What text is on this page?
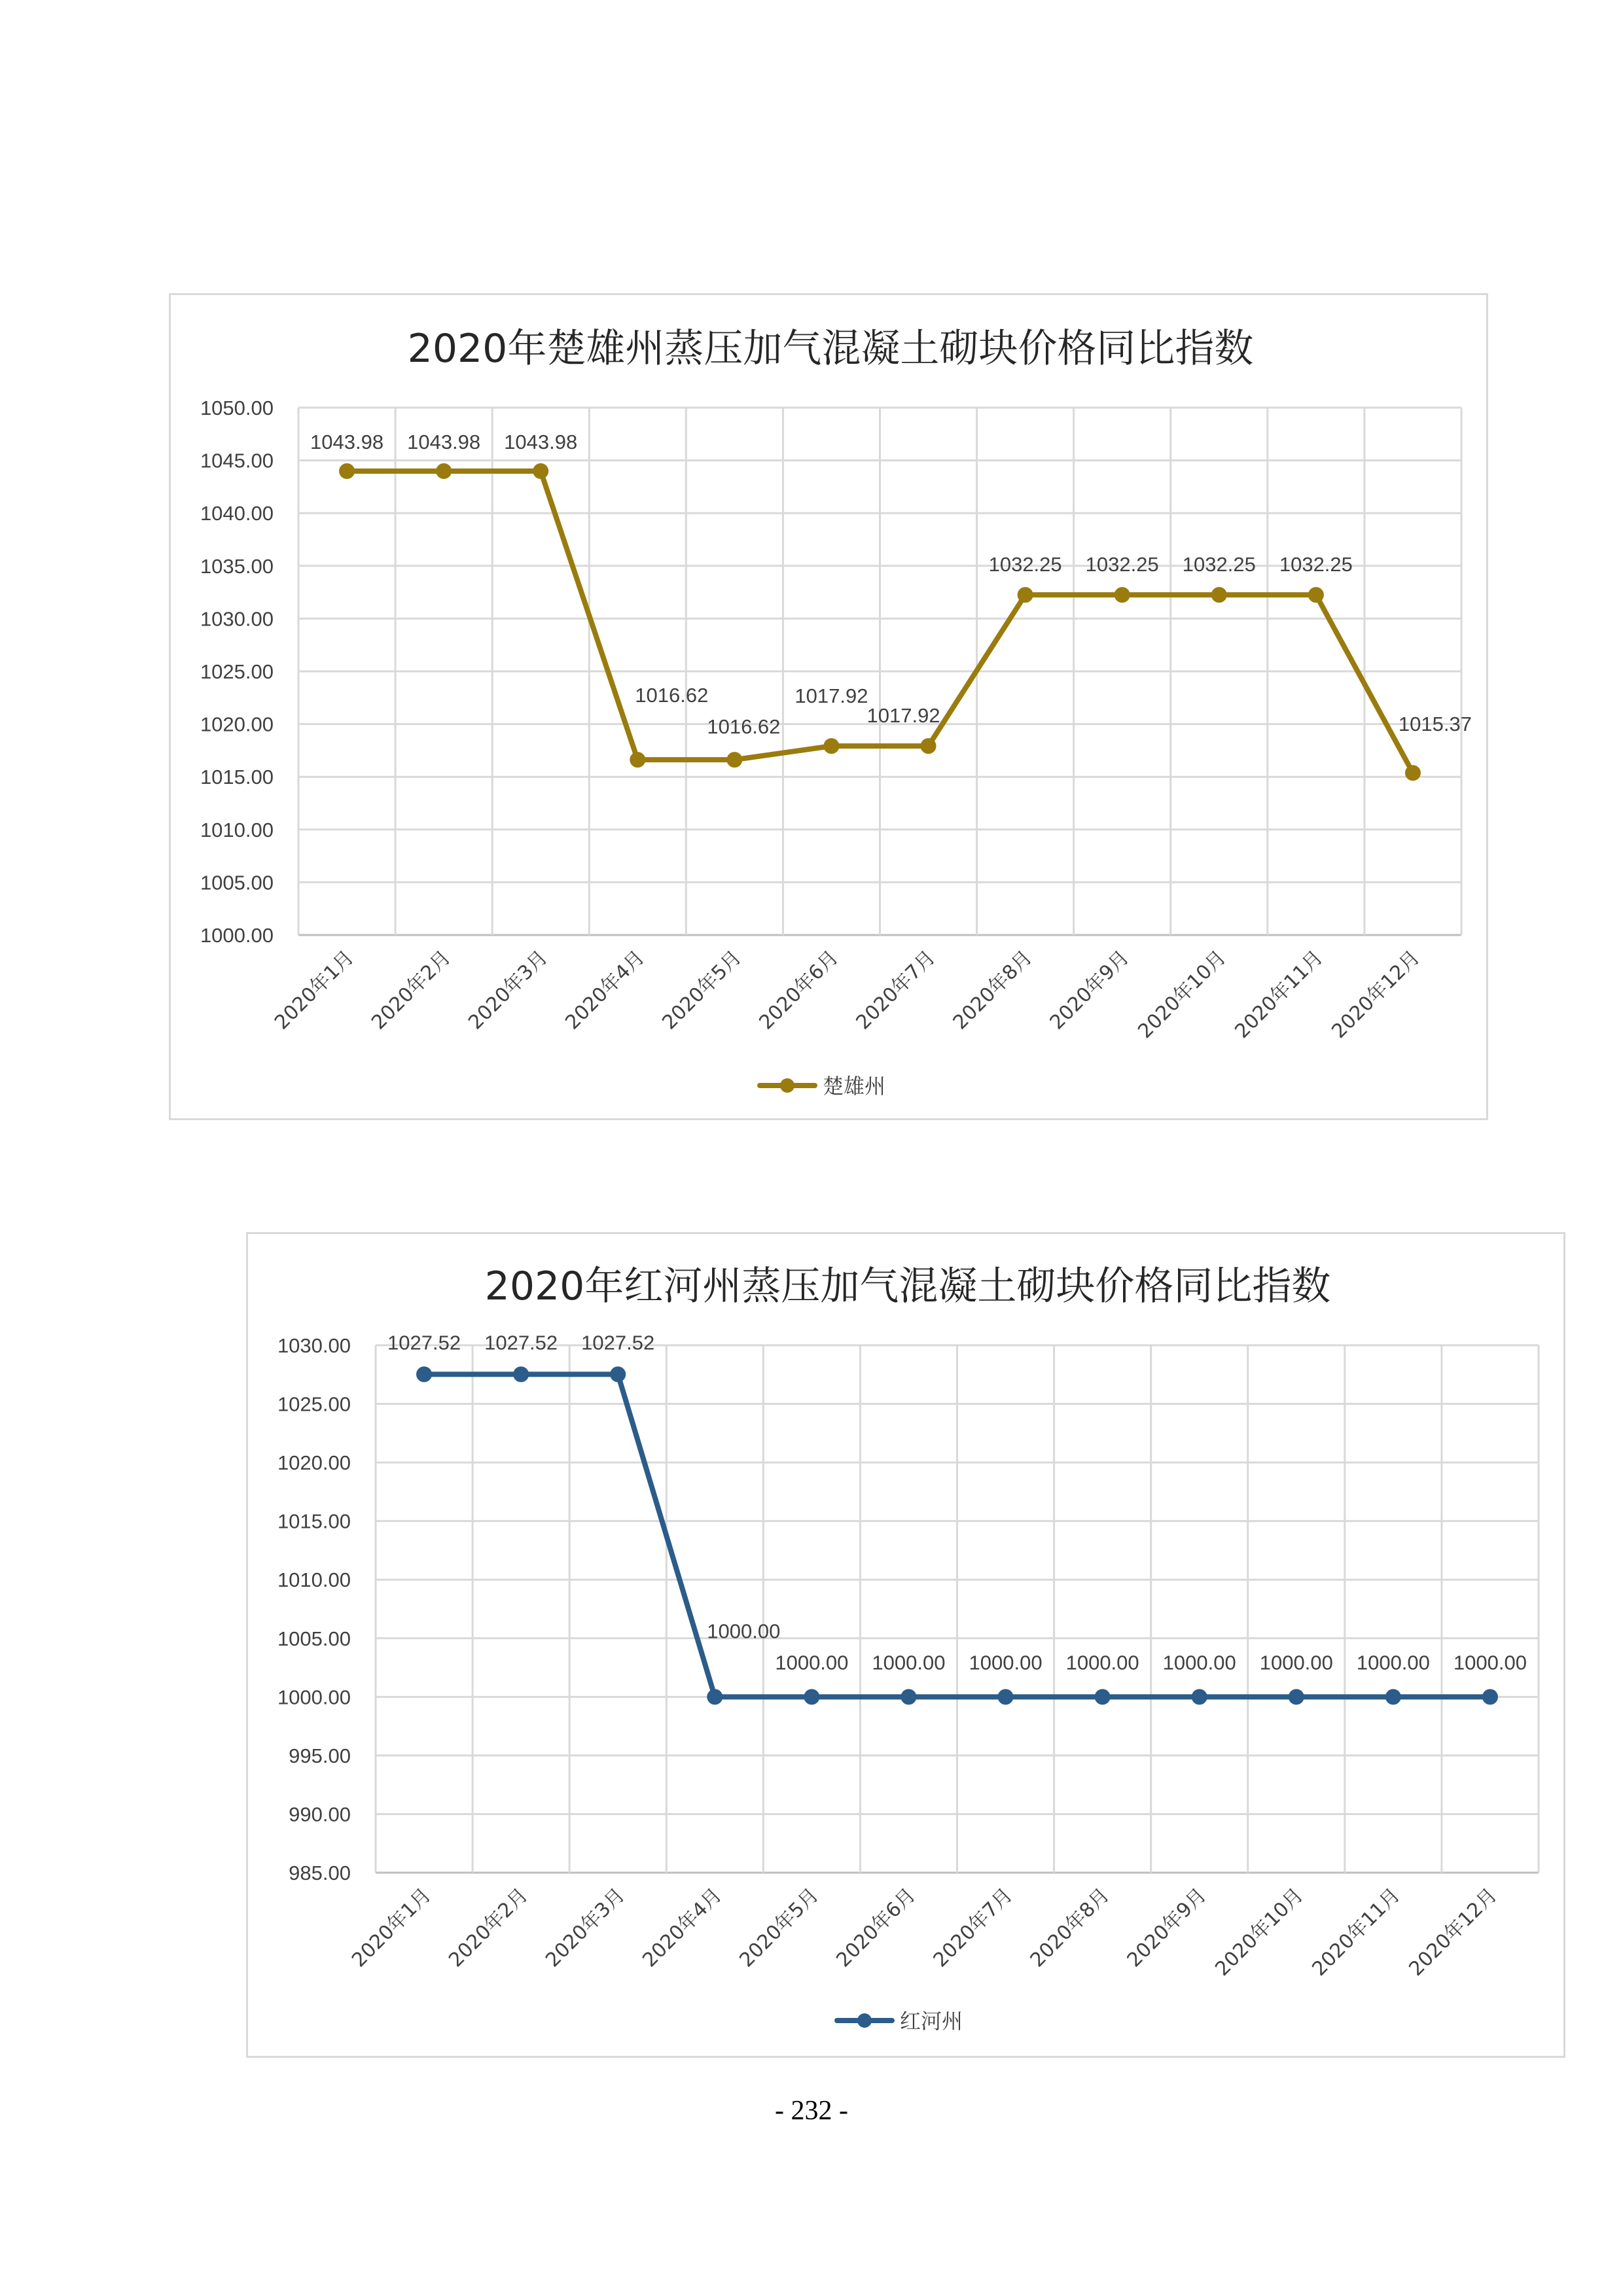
2020年楚雄州蒸压加气混凝土砌块价格同比指数
1000.00
1005.00
1010.00
1015.00
1020.00
1025.00
1030.00
1035.00
1040.00
1045.00
1050.00
2020年1月 2020年2月 2020年3月 2020年4月 2020年5月 2020年6月 2020年7月 2020年8月 2020年9月 2020年10月 2020年11月 2020年12月
1043.98 1043.98 1043.98
1016.62
1016.62
1017.92
1017.92
1032.25 1032.25 1032.25 1032.25
1015.37
楚雄州
2020年红河州蒸压加气混凝土砌块价格同比指数
985.00
990.00
995.00
1000.00
1005.00
1010.00
1015.00
1020.00
1025.00
1030.00
2020年1月 2020年2月 2020年3月 2020年4月 2020年5月 2020年6月 2020年7月 2020年8月 2020年9月 2020年10月 2020年11月 2020年12月
1027.52 1027.52 1027.52
1000.00
1000.00 1000.00 1000.00 1000.00 1000.00 1000.00 1000.00 1000.00
红河州
- 232 -
